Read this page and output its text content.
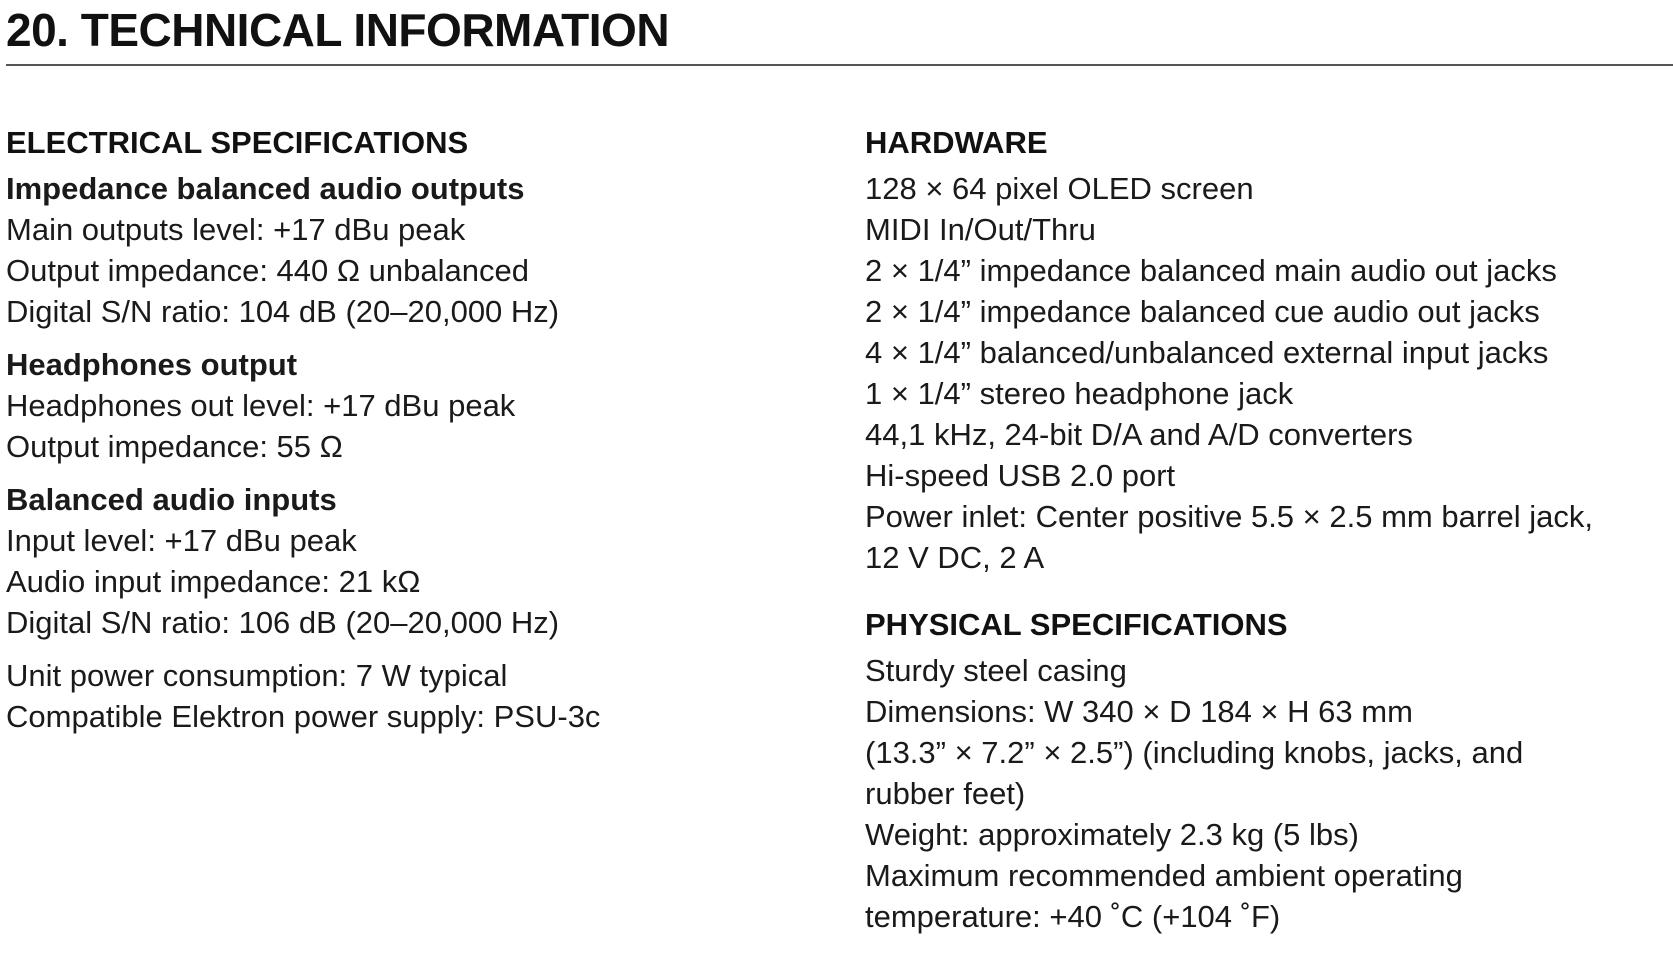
20. TECHNICAL INFORMATION
ELECTRICAL SPECIFICATIONS
Impedance balanced audio outputs
Main outputs level: +17 dBu peak
Output impedance: 440 Ω unbalanced
Digital S/N ratio: 104 dB (20–20,000 Hz)
Headphones output
Headphones out level: +17 dBu peak
Output impedance: 55 Ω
Balanced audio inputs
Input level: +17 dBu peak
Audio input impedance: 21 kΩ
Digital S/N ratio: 106 dB (20–20,000 Hz)
Unit power consumption: 7 W typical
Compatible Elektron power supply: PSU-3c
HARDWARE
128 × 64 pixel OLED screen
MIDI In/Out/Thru
2 × 1/4” impedance balanced main audio out jacks
2 × 1/4” impedance balanced cue audio out jacks
4 × 1/4” balanced/unbalanced external input jacks
1 × 1/4” stereo headphone jack
44,1 kHz, 24-bit D/A and A/D converters
Hi-speed USB 2.0 port
Power inlet: Center positive 5.5 × 2.5 mm barrel jack,
12 V DC, 2 A
PHYSICAL SPECIFICATIONS
Sturdy steel casing
Dimensions: W 340 × D 184 × H 63 mm
(13.3” × 7.2” × 2.5”) (including knobs, jacks, and
rubber feet)
Weight: approximately 2.3 kg (5 lbs)
Maximum recommended ambient operating
temperature: +40 ˚C (+104 ˚F)
